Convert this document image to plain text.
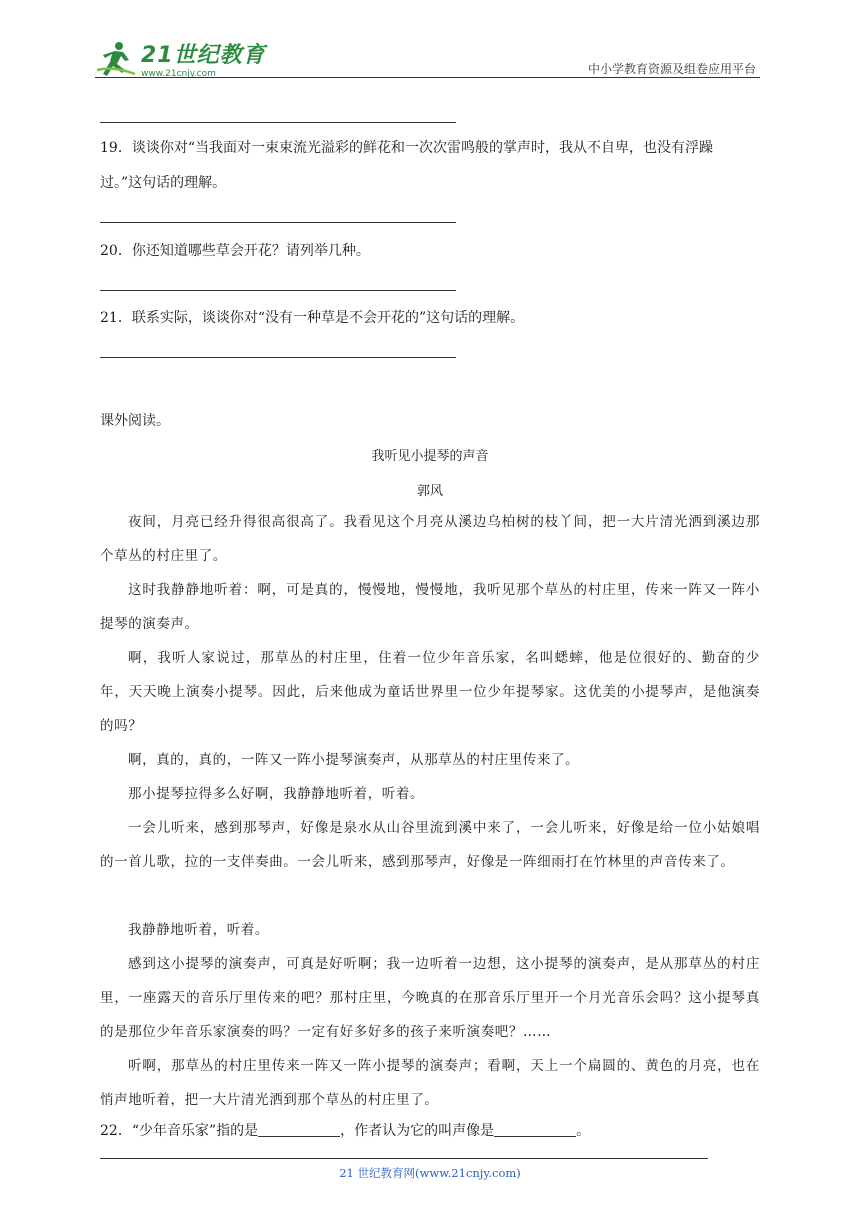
21世纪教育
www.21cnjy.com	中小学教育资源及组卷应用平台
19．谈谈你对“当我面对一束束流光溢彩的鲜花和一次次雷鸣般的掌声时，我从不自卑，也没有浮躁
过。”这句话的理解。
20．你还知道哪些草会开花？请列举几种。
21．联系实际，谈谈你对“没有一种草是不会开花的”这句话的理解。
课外阅读。
我听见小提琴的声音
郭风
夜间，月亮已经升得很高很高了。我看见这个月亮从溪边乌柏树的枝丫间，把一大片清光洒到溪边那个草丛的村庄里了。
这时我静静地听着：啊，可是真的，慢慢地，慢慢地，我听见那个草丛的村庄里，传来一阵又一阵小提琴的演奏声。
啊，我听人家说过，那草丛的村庄里，住着一位少年音乐家，名叫蟋蟀，他是位很好的、勤奋的少年，天天晚上演奏小提琴。因此，后来他成为童话世界里一位少年提琴家。这优美的小提琴声，是他演奏的吗？
啊，真的，真的，一阵又一阵小提琴演奏声，从那草丛的村庄里传来了。
那小提琴拉得多么好啊，我静静地听着，听着。
一会儿听来，感到那琴声，好像是泉水从山谷里流到溪中来了，一会儿听来，好像是给一位小姑娘唱的一首儿歌，拉的一支伴奏曲。一会儿听来，感到那琴声，好像是一阵细雨打在竹林里的声音传来了。
我静静地听着，听着。
感到这小提琴的演奏声，可真是好听啊；我一边听着一边想，这小提琴的演奏声，是从那草丛的村庄里，一座露天的音乐厅里传来的吧？那村庄里，今晚真的在那音乐厅里开一个月光音乐会吗？这小提琴真的是那位少年音乐家演奏的吗？一定有好多好多的孩子来听演奏吧？……
听啊，那草丛的村庄里传来一阵又一阵小提琴的演奏声；看啊，天上一个扁圆的、黄色的月亮，也在悄声地听着，把一大片清光洒到那个草丛的村庄里了。
22．“少年音乐家”指的是	，作者认为它的叫声像是	。
21 世纪教育网(www.21cnjy.com)
